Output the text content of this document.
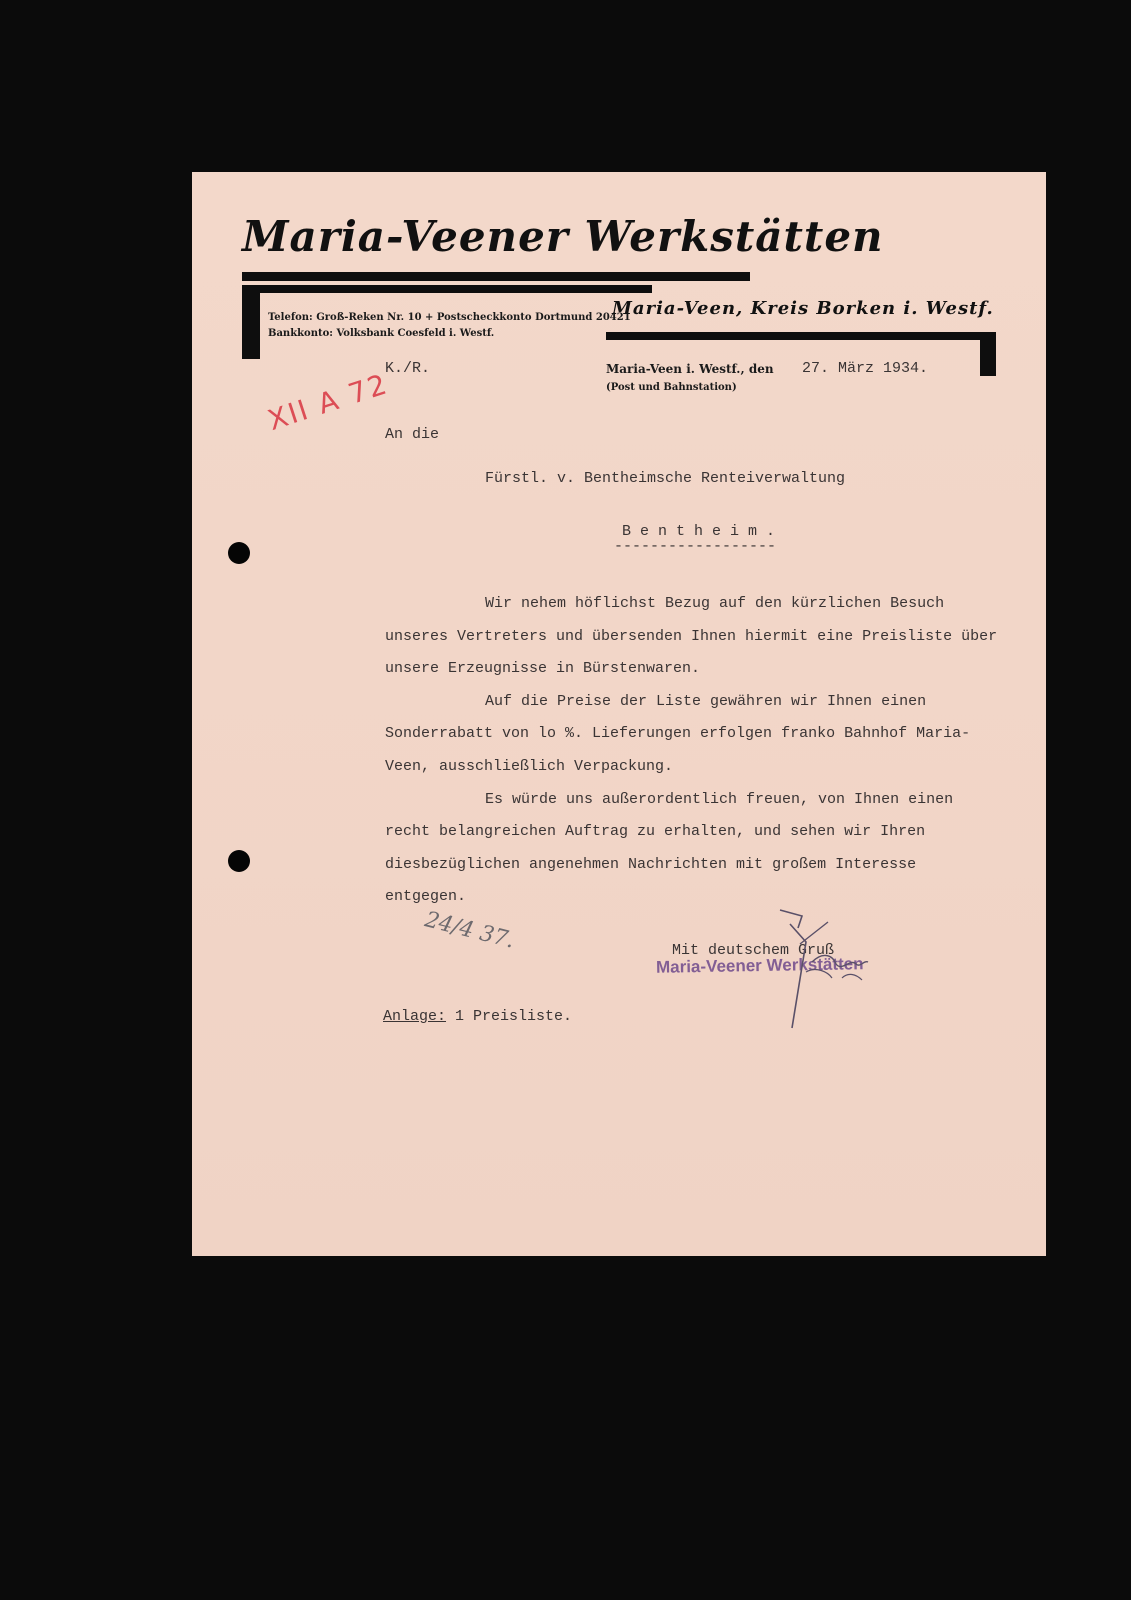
Maria-Veener Werkstätten
Telefon: Groß-Reken Nr. 10 + Postscheckkonto Dortmund 20421
Bankkonto: Volksbank Coesfeld i. Westf.
Maria-Veen, Kreis Borken i. Westf.
K./R.	Maria-Veen i. Westf., den
(Post und Bahnstation)
27. März 1934.
XII A 72
An die
Fürstl. v. Bentheimsche Renteiverwaltung
B e n t h e i m .
------------------

Wir nehem höflichst Bezug auf den kürzlichen Besuch unseres Vertreters und übersenden Ihnen hiermit eine Preisliste über unsere Erzeugnisse in Bürstenwaren.

Auf die Preise der Liste gewähren wir Ihnen einen Sonderrabatt von lo %. Lieferungen erfolgen franko Bahnhof Maria-Veen, ausschließlich Verpackung.

Es würde uns außerordentlich freuen, von Ihnen einen recht belangreichen Auftrag zu erhalten, und sehen wir Ihren diesbezüglichen angenehmen Nachrichten mit großem Interesse entgegen.

Mit deutschem Gruß
Maria-Veener Werkstätten
24/4 37.
Anlage: 1 Preisliste.
